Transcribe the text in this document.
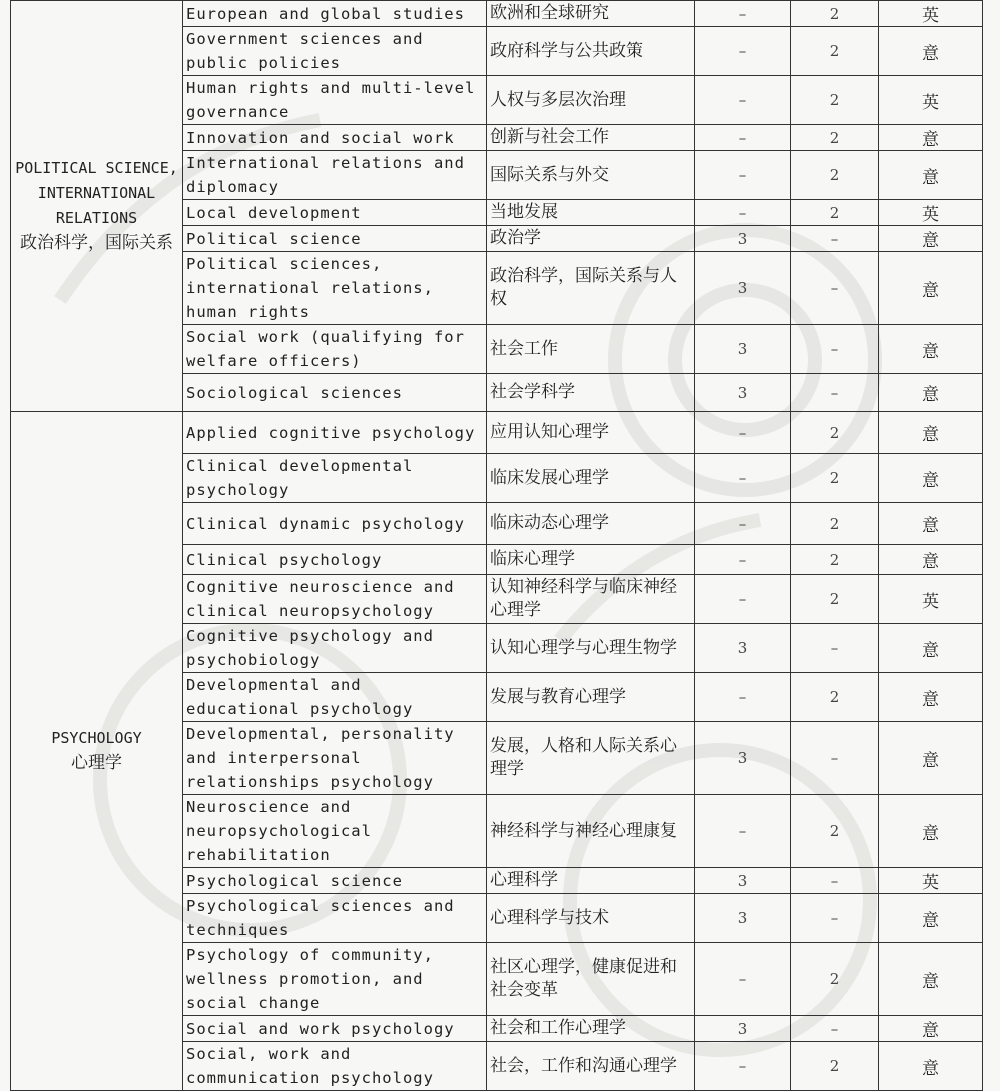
POLITICAL SCIENCE, INTERNATIONAL RELATIONS
政治科学，国际关系	European and global studies	欧洲和全球研究	–	2	英
	Government sciences and public policies	政府科学与公共政策	–	2	意
	Human rights and multi-level governance	人权与多层次治理	–	2	英
	Innovation and social work	创新与社会工作	–	2	意
	International relations and diplomacy	国际关系与外交	–	2	意
	Local development	当地发展	–	2	英
	Political science	政治学	3	–	意
	Political sciences, international relations, human rights	政治科学，国际关系与人权	3	–	意
	Social work (qualifying for welfare officers)	社会工作	3	–	意
	Sociological sciences	社会学科学	3	–	意

PSYCHOLOGY
心理学	Applied cognitive psychology	应用认知心理学	–	2	意
	Clinical developmental psychology	临床发展心理学	–	2	意
	Clinical dynamic psychology	临床动态心理学	–	2	意
	Clinical psychology	临床心理学	–	2	意
	Cognitive neuroscience and clinical neuropsychology	认知神经科学与临床神经心理学	–	2	英
	Cognitive psychology and psychobiology	认知心理学与心理生物学	3	–	意
	Developmental and educational psychology	发展与教育心理学	–	2	意
	Developmental, personality and interpersonal relationships psychology	发展，人格和人际关系心理学	3	–	意
	Neuroscience and neuropsychological rehabilitation	神经科学与神经心理康复	–	2	意
	Psychological science	心理科学	3	–	英
	Psychological sciences and techniques	心理科学与技术	3	–	意
	Psychology of community, wellness promotion, and social change	社区心理学，健康促进和社会变革	–	2	意
	Social and work psychology	社会和工作心理学	3	–	意
	Social, work and communication psychology	社会，工作和沟通心理学	–	2	意
